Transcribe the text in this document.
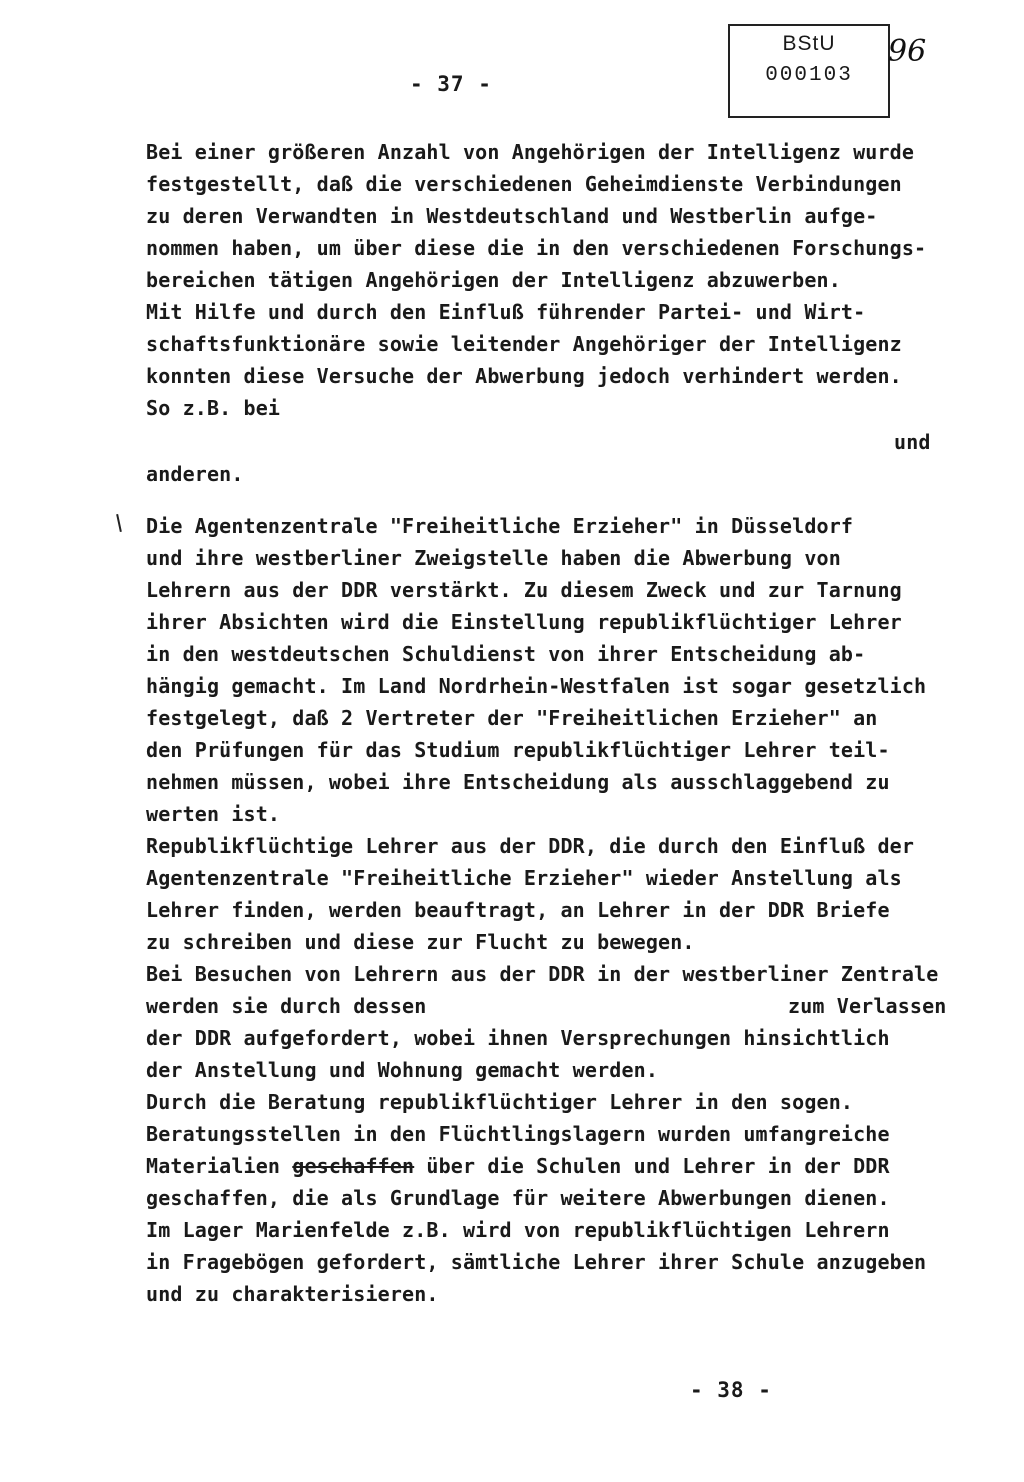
- 37 -
BStU
000103
96
Bei einer größeren Anzahl von Angehörigen der Intelligenz wurde
festgestellt, daß die verschiedenen Geheimdienste Verbindungen
zu deren Verwandten in Westdeutschland und Westberlin aufge-
nommen haben, um über diese die in den verschiedenen Forschungs-
bereichen tätigen Angehörigen der Intelligenz abzuwerben.
Mit Hilfe und durch den Einfluß führender Partei- und Wirt-
schaftsfunktionäre sowie leitender Angehöriger der Intelligenz
konnten diese Versuche der Abwerbung jedoch verhindert werden.
So z.B. bei
und
anderen.
Die Agentenzentrale "Freiheitliche Erzieher" in Düsseldorf
und ihre westberliner Zweigstelle haben die Abwerbung von
Lehrern aus der DDR verstärkt. Zu diesem Zweck und zur Tarnung
ihrer Absichten wird die Einstellung republikflüchtiger Lehrer
in den westdeutschen Schuldienst von ihrer Entscheidung ab-
hängig gemacht. Im Land Nordrhein-Westfalen ist sogar gesetzlich
festgelegt, daß 2 Vertreter der "Freiheitlichen Erzieher" an
den Prüfungen für das Studium republikflüchtiger Lehrer teil-
nehmen müssen, wobei ihre Entscheidung als ausschlaggebend zu
werten ist.
Republikflüchtige Lehrer aus der DDR, die durch den Einfluß der
Agentenzentrale "Freiheitliche Erzieher" wieder Anstellung als
Lehrer finden, werden beauftragt, an Lehrer in der DDR Briefe
zu schreiben und diese zur Flucht zu bewegen.
Bei Besuchen von Lehrern aus der DDR in der westberliner Zentrale
werden sie durch dessen	zum Verlassen
der DDR aufgefordert, wobei ihnen Versprechungen hinsichtlich
der Anstellung und Wohnung gemacht werden.
Durch die Beratung republikflüchtiger Lehrer in den sogen.
Beratungsstellen in den Flüchtlingslagern wurden umfangreiche
Materialien geschaffen über die Schulen und Lehrer in der DDR
geschaffen, die als Grundlage für weitere Abwerbungen dienen.
Im Lager Marienfelde z.B. wird von republikflüchtigen Lehrern
in Fragebögen gefordert, sämtliche Lehrer ihrer Schule anzugeben
und zu charakterisieren.
- 38 -
